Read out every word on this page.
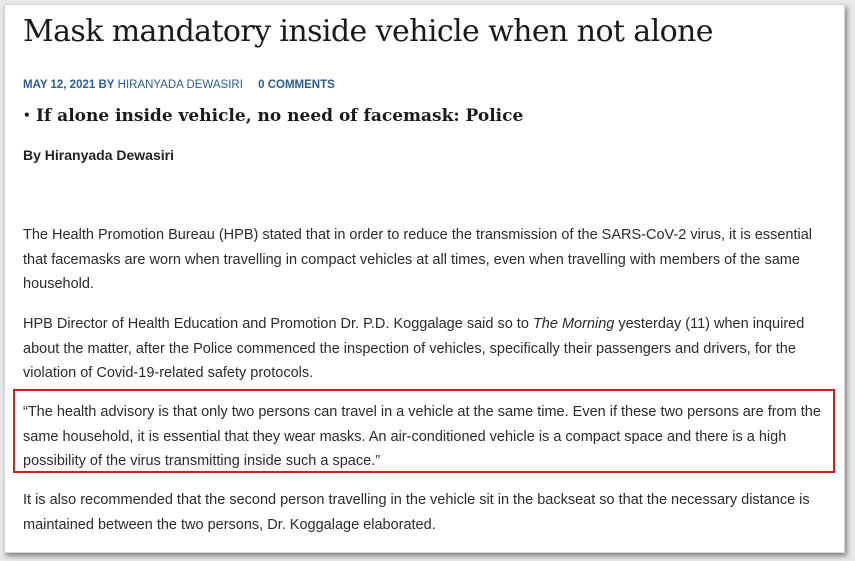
Mask mandatory inside vehicle when not alone
MAY 12, 2021 BY HIRANYADA DEWASIRI 0 COMMENTS
• If alone inside vehicle, no need of facemask: Police
By Hiranyada Dewasiri

The Health Promotion Bureau (HPB) stated that in order to reduce the transmission of the SARS-CoV-2 virus, it is essential that facemasks are worn when travelling in compact vehicles at all times, even when travelling with members of the same household.

HPB Director of Health Education and Promotion Dr. P.D. Koggalage said so to The Morning yesterday (11) when inquired about the matter, after the Police commenced the inspection of vehicles, specifically their passengers and drivers, for the violation of Covid-19-related safety protocols.

“The health advisory is that only two persons can travel in a vehicle at the same time. Even if these two persons are from the same household, it is essential that they wear masks. An air-conditioned vehicle is a compact space and there is a high possibility of the virus transmitting inside such a space.”

It is also recommended that the second person travelling in the vehicle sit in the backseat so that the necessary distance is maintained between the two persons, Dr. Koggalage elaborated.
